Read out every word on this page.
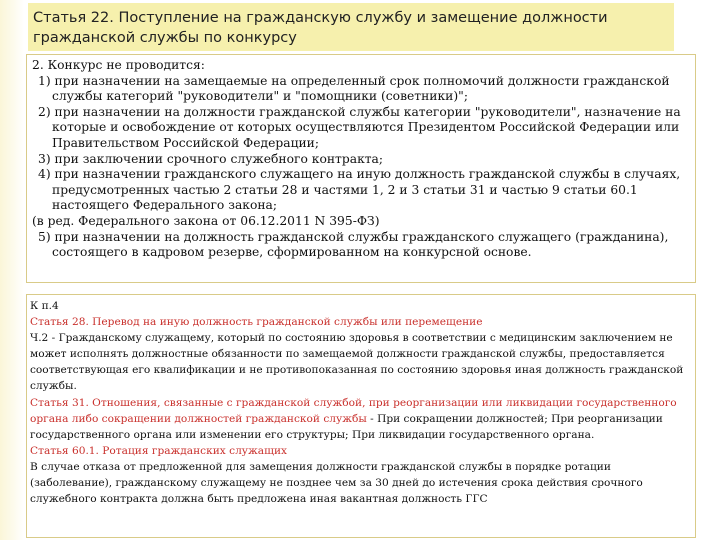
Статья 22. Поступление на гражданскую службу и замещение должности
гражданской службы по конкурсу

2. Конкурс не проводится:

1) при назначении на замещаемые на определенный срок полномочий должности гражданской службы категорий "руководители" и "помощники (советники)";

2) при назначении на должности гражданской службы категории "руководители", назначение на которые и освобождение от которых осуществляются Президентом Российской Федерации или Правительством Российской Федерации;

3) при заключении срочного служебного контракта;

4) при назначении гражданского служащего на иную должность гражданской службы в случаях, предусмотренных частью 2 статьи 28 и частями 1, 2 и 3 статьи 31 и частью 9 статьи 60.1 настоящего Федерального закона;

(в ред. Федерального закона от 06.12.2011 N 395-ФЗ)

5) при назначении на должность гражданской службы гражданского служащего (гражданина), состоящего в кадровом резерве, сформированном на конкурсной основе.

К п.4

Статья 28. Перевод на иную должность гражданской службы или перемещение

Ч.2 - Гражданскому служащему, который по состоянию здоровья в соответствии с медицинским заключением не может исполнять должностные обязанности по замещаемой должности гражданской службы, предоставляется соответствующая его квалификации и не противопоказанная по состоянию здоровья иная должность гражданской службы.

Статья 31. Отношения, связанные с гражданской службой, при реорганизации или ликвидации государственного органа либо сокращении должностей гражданской службы - При сокращении должностей; При реорганизации государственного органа или изменении его структуры; При ликвидации государственного органа.

Статья 60.1. Ротация гражданских служащих

В случае отказа от предложенной для замещения должности гражданской службы в порядке ротации (заболевание), гражданскому служащему не позднее чем за 30 дней до истечения срока действия срочного служебного контракта должна быть предложена иная вакантная должность ГГС
